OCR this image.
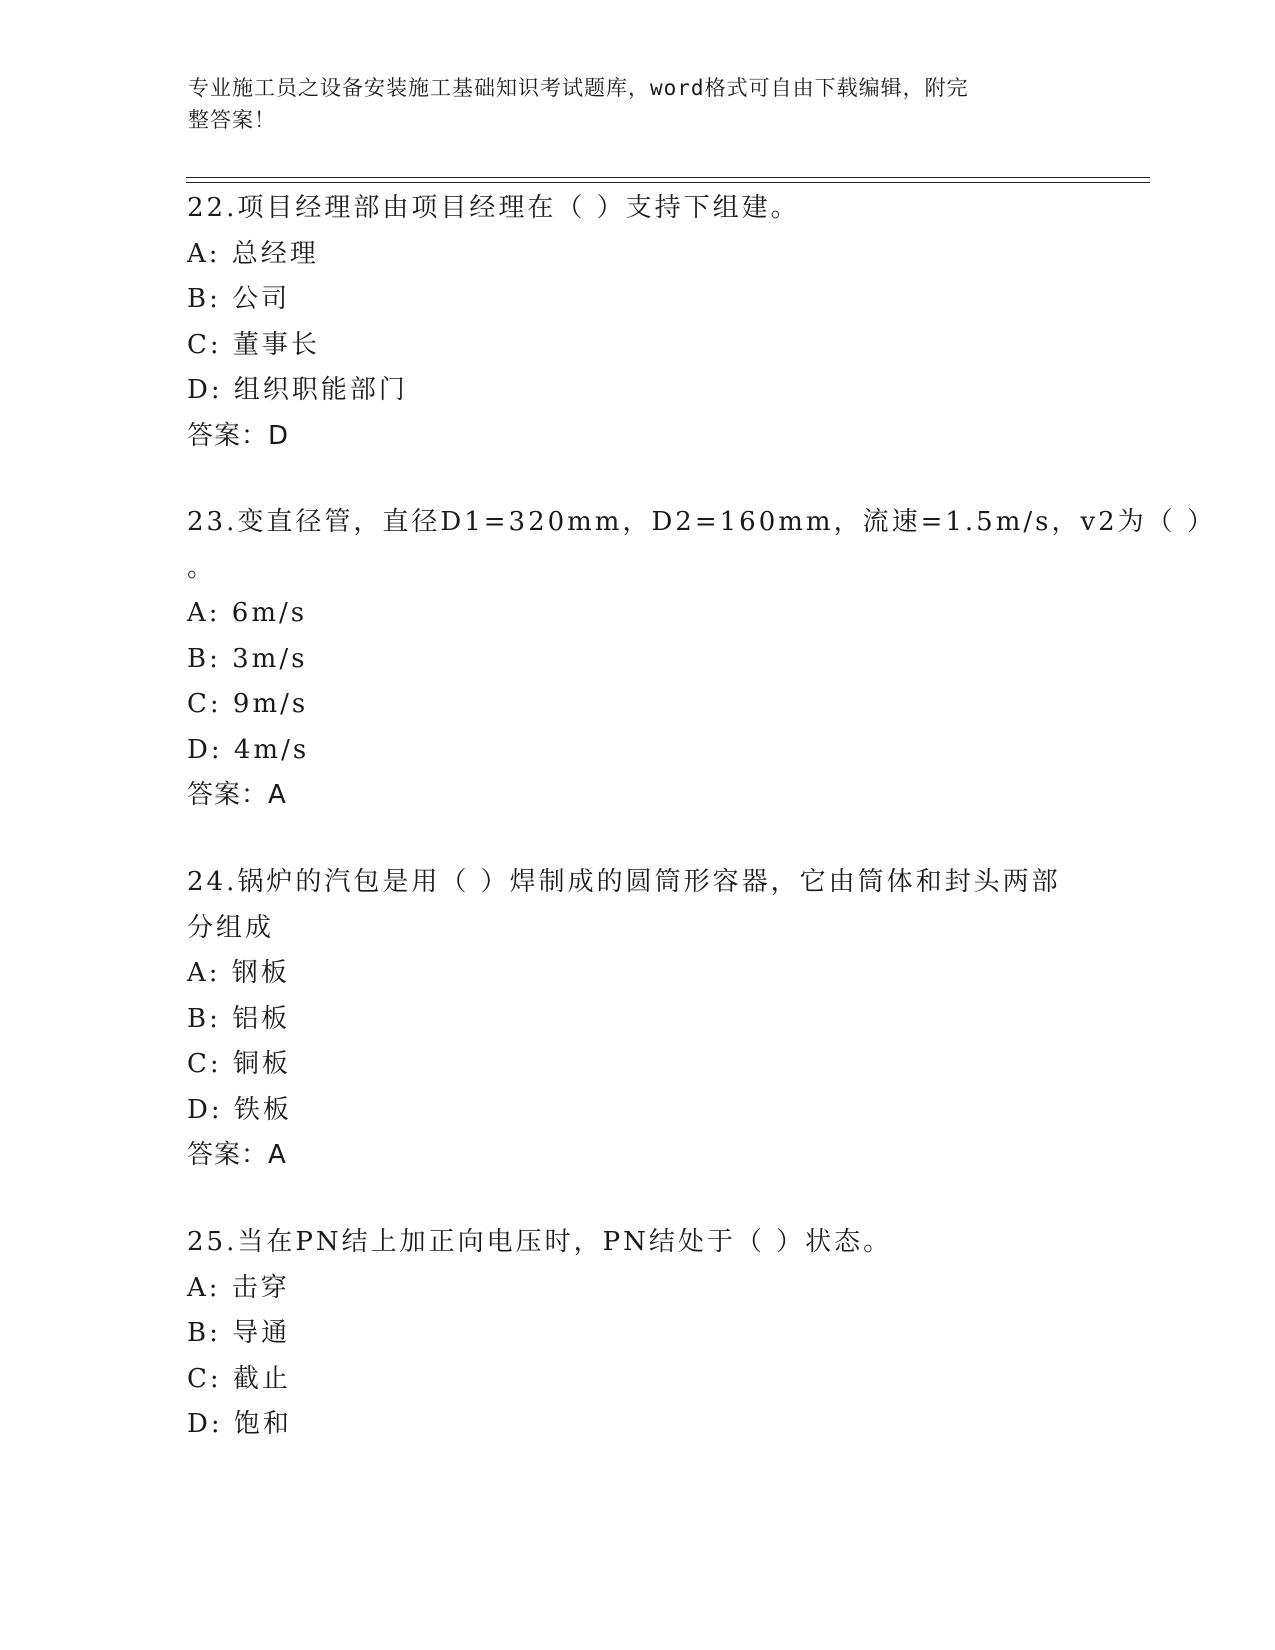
专业施工员之设备安装施工基础知识考试题库，word格式可自由下载编辑，附完
整答案！
22.项目经理部由项目经理在（ ）支持下组建。
A: 总经理
B: 公司
C: 董事长
D: 组织职能部门
答案：D
23.变直径管，直径D1=320mm，D2=160mm，流速=1.5m/s，v2为（ ）
。
A: 6m/s
B: 3m/s
C: 9m/s
D: 4m/s
答案：A
24.锅炉的汽包是用（ ）焊制成的圆筒形容器，它由筒体和封头两部
分组成
A: 钢板
B: 铝板
C: 铜板
D: 铁板
答案：A
25.当在PN结上加正向电压时，PN结处于（ ）状态。
A: 击穿
B: 导通
C: 截止
D: 饱和
